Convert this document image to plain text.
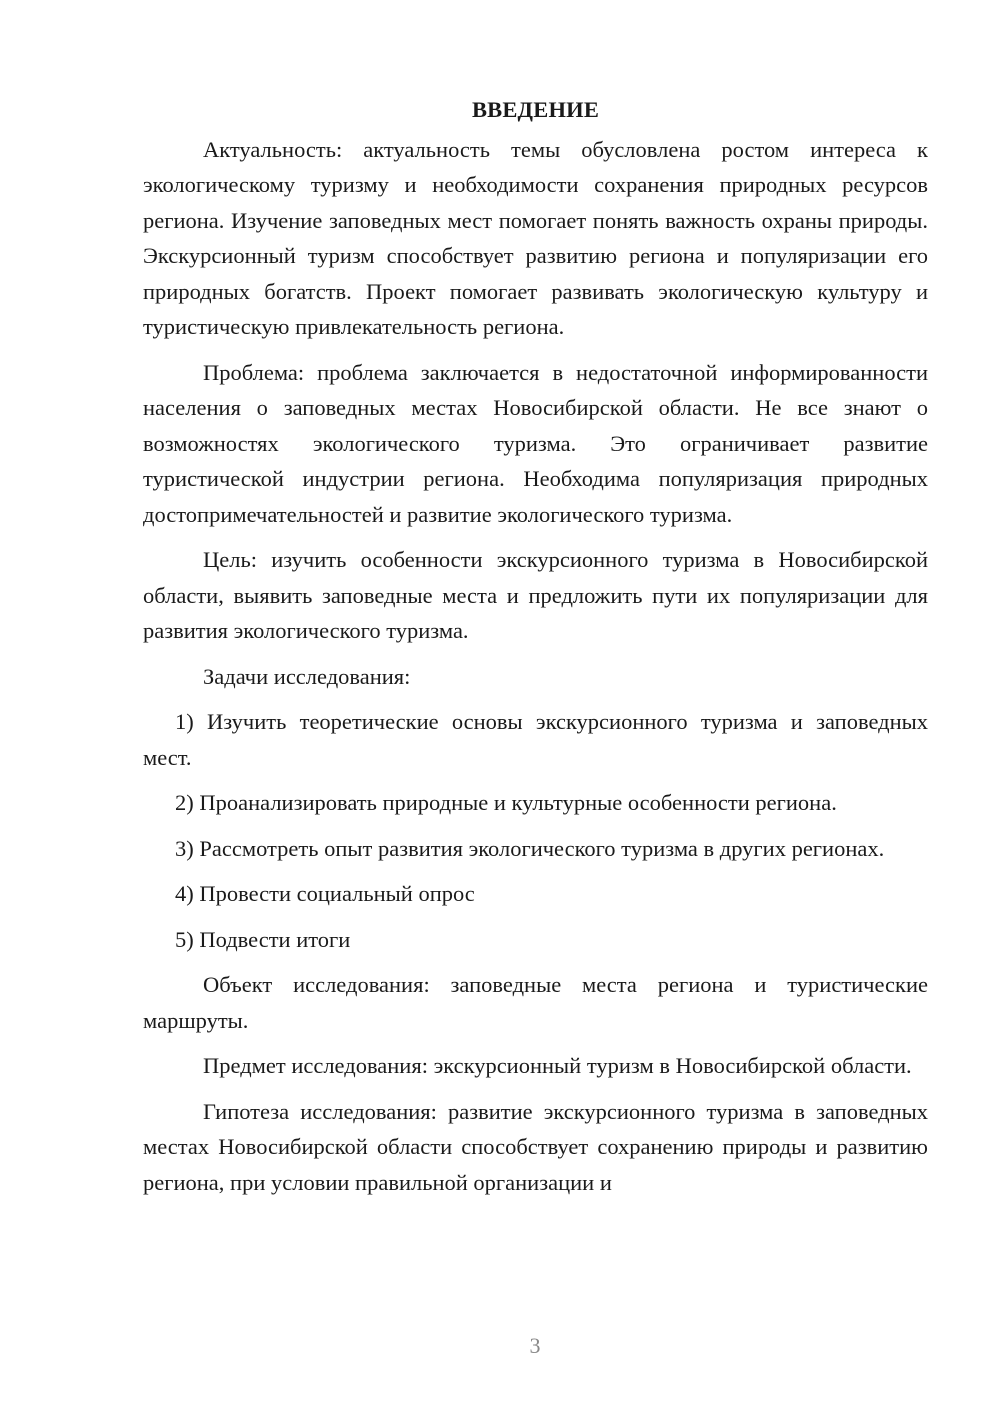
ВВЕДЕНИЕ

Актуальность: актуальность темы обусловлена ростом интереса к экологическому туризму и необходимости сохранения природных ресурсов региона. Изучение заповедных мест помогает понять важность охраны природы. Экскурсионный туризм способствует развитию региона и популяризации его природных богатств. Проект помогает развивать экологическую культуру и туристическую привлекательность региона.

Проблема: проблема заключается в недостаточной информированности населения о заповедных местах Новосибирской области. Не все знают о возможностях экологического туризма. Это ограничивает развитие туристической индустрии региона. Необходима популяризация природных достопримечательностей и развитие экологического туризма.

Цель: изучить особенности экскурсионного туризма в Новосибирской области, выявить заповедные места и предложить пути их популяризации для развития экологического туризма.

Задачи исследования:

1) Изучить теоретические основы экскурсионного туризма и заповедных мест.

2) Проанализировать природные и культурные особенности региона.

3) Рассмотреть опыт развития экологического туризма в других регионах.

4) Провести социальный опрос

5) Подвести итоги

Объект исследования: заповедные места региона и туристические маршруты.

Предмет исследования: экскурсионный туризм в Новосибирской области.

Гипотеза исследования: развитие экскурсионного туризма в заповедных местах Новосибирской области способствует сохранению природы и развитию региона, при условии правильной организации и

3
